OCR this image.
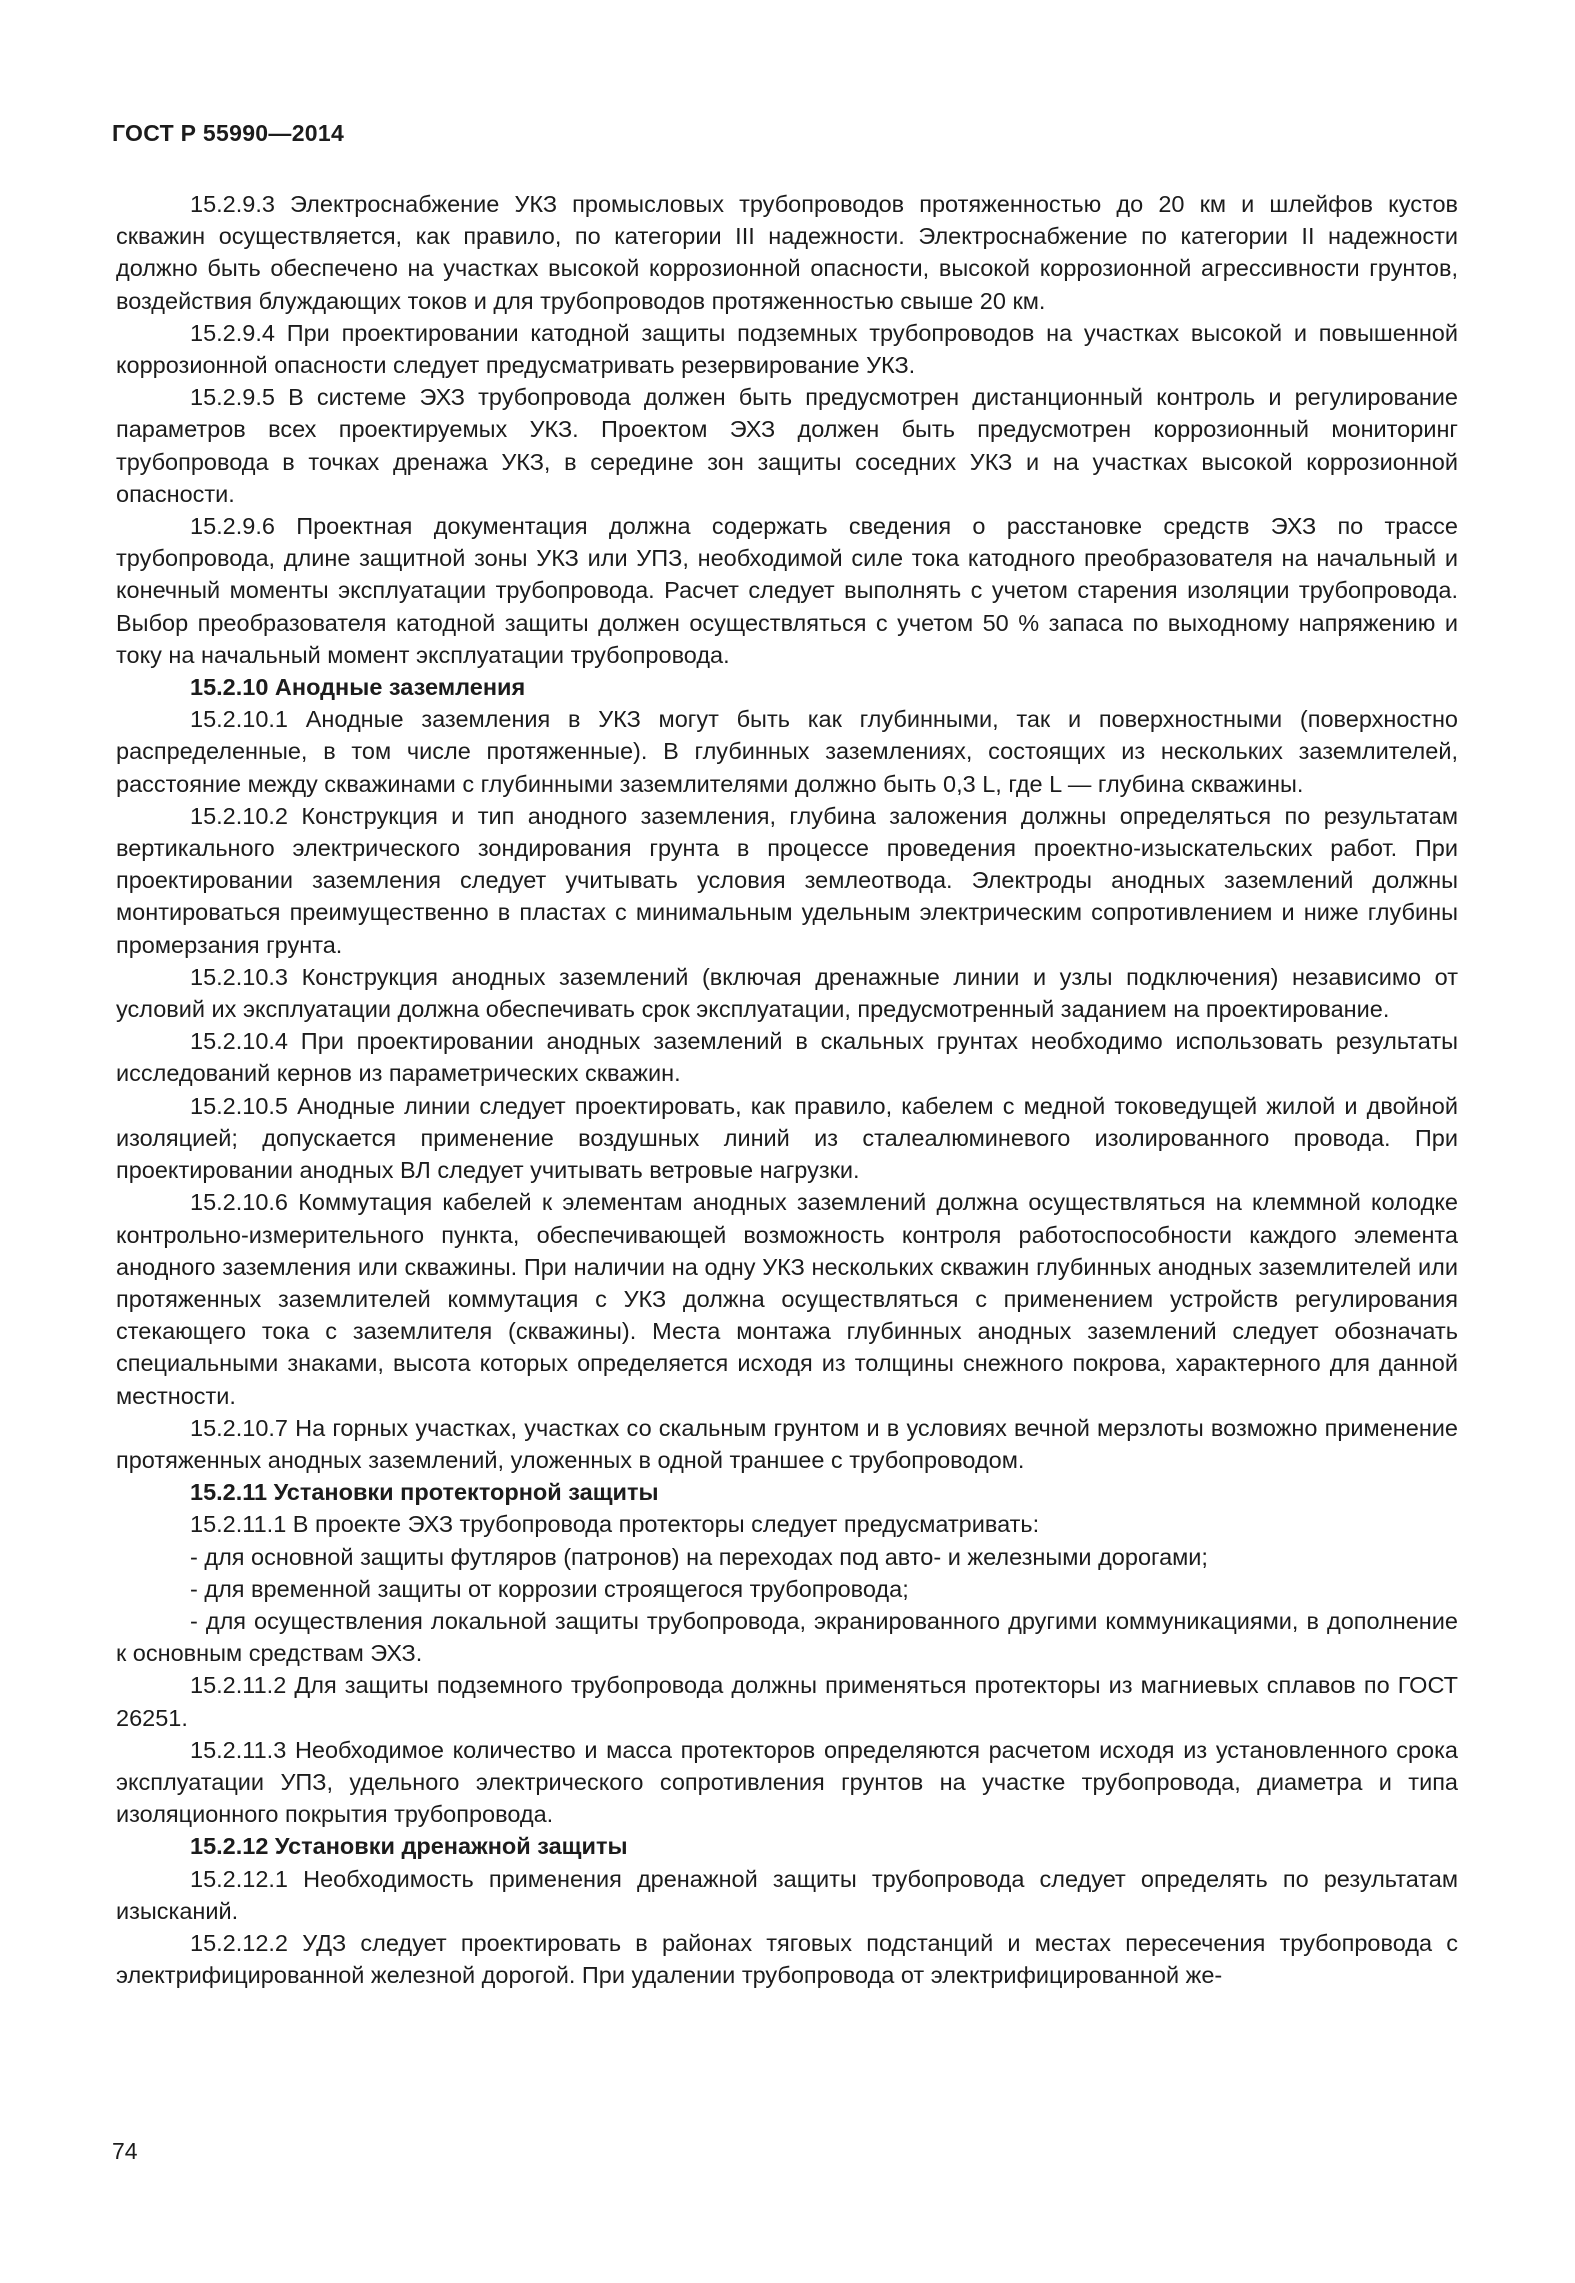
ГОСТ Р 55990—2014

15.2.9.3 Электроснабжение УКЗ промысловых трубопроводов протяженностью до 20 км и шлейфов кустов скважин осуществляется, как правило, по категории III надежности. Электроснабжение по категории II надежности должно быть обеспечено на участках высокой коррозионной опасности, высокой коррозионной агрессивности грунтов, воздействия блуждающих токов и для трубопроводов протяженностью свыше 20 км.

15.2.9.4 При проектировании катодной защиты подземных трубопроводов на участках высокой и повышенной коррозионной опасности следует предусматривать резервирование УКЗ.

15.2.9.5 В системе ЭХЗ трубопровода должен быть предусмотрен дистанционный контроль и регулирование параметров всех проектируемых УКЗ. Проектом ЭХЗ должен быть предусмотрен коррозионный мониторинг трубопровода в точках дренажа УКЗ, в середине зон защиты соседних УКЗ и на участках высокой коррозионной опасности.

15.2.9.6 Проектная документация должна содержать сведения о расстановке средств ЭХЗ по трассе трубопровода, длине защитной зоны УКЗ или УПЗ, необходимой силе тока катодного преобразователя на начальный и конечный моменты эксплуатации трубопровода. Расчет следует выполнять с учетом старения изоляции трубопровода. Выбор преобразователя катодной защиты должен осуществляться с учетом 50 % запаса по выходному напряжению и току на начальный момент эксплуатации трубопровода.

15.2.10 Анодные заземления

15.2.10.1 Анодные заземления в УКЗ могут быть как глубинными, так и поверхностными (поверхностно распределенные, в том числе протяженные). В глубинных заземлениях, состоящих из нескольких заземлителей, расстояние между скважинами с глубинными заземлителями должно быть 0,3 L, где L — глубина скважины.

15.2.10.2 Конструкция и тип анодного заземления, глубина заложения должны определяться по результатам вертикального электрического зондирования грунта в процессе проведения проектно-изыскательских работ. При проектировании заземления следует учитывать условия землеотвода. Электроды анодных заземлений должны монтироваться преимущественно в пластах с минимальным удельным электрическим сопротивлением и ниже глубины промерзания грунта.

15.2.10.3 Конструкция анодных заземлений (включая дренажные линии и узлы подключения) независимо от условий их эксплуатации должна обеспечивать срок эксплуатации, предусмотренный заданием на проектирование.

15.2.10.4 При проектировании анодных заземлений в скальных грунтах необходимо использовать результаты исследований кернов из параметрических скважин.

15.2.10.5 Анодные линии следует проектировать, как правило, кабелем с медной токоведущей жилой и двойной изоляцией; допускается применение воздушных линий из сталеалюминевого изолированного провода. При проектировании анодных ВЛ следует учитывать ветровые нагрузки.

15.2.10.6 Коммутация кабелей к элементам анодных заземлений должна осуществляться на клеммной колодке контрольно-измерительного пункта, обеспечивающей возможность контроля работоспособности каждого элемента анодного заземления или скважины. При наличии на одну УКЗ нескольких скважин глубинных анодных заземлителей или протяженных заземлителей коммутация с УКЗ должна осуществляться с применением устройств регулирования стекающего тока с заземлителя (скважины). Места монтажа глубинных анодных заземлений следует обозначать специальными знаками, высота которых определяется исходя из толщины снежного покрова, характерного для данной местности.

15.2.10.7 На горных участках, участках со скальным грунтом и в условиях вечной мерзлоты возможно применение протяженных анодных заземлений, уложенных в одной траншее с трубопроводом.

15.2.11 Установки протекторной защиты

15.2.11.1 В проекте ЭХЗ трубопровода протекторы следует предусматривать:

- для основной защиты футляров (патронов) на переходах под авто- и железными дорогами;

- для временной защиты от коррозии строящегося трубопровода;

- для осуществления локальной защиты трубопровода, экранированного другими коммуникациями, в дополнение к основным средствам ЭХЗ.

15.2.11.2 Для защиты подземного трубопровода должны применяться протекторы из магниевых сплавов по ГОСТ 26251.

15.2.11.3 Необходимое количество и масса протекторов определяются расчетом исходя из установленного срока эксплуатации УПЗ, удельного электрического сопротивления грунтов на участке трубопровода, диаметра и типа изоляционного покрытия трубопровода.

15.2.12 Установки дренажной защиты

15.2.12.1 Необходимость применения дренажной защиты трубопровода следует определять по результатам изысканий.

15.2.12.2 УДЗ следует проектировать в районах тяговых подстанций и местах пересечения трубопровода с электрифицированной железной дорогой. При удалении трубопровода от электрифицированной же-

74
